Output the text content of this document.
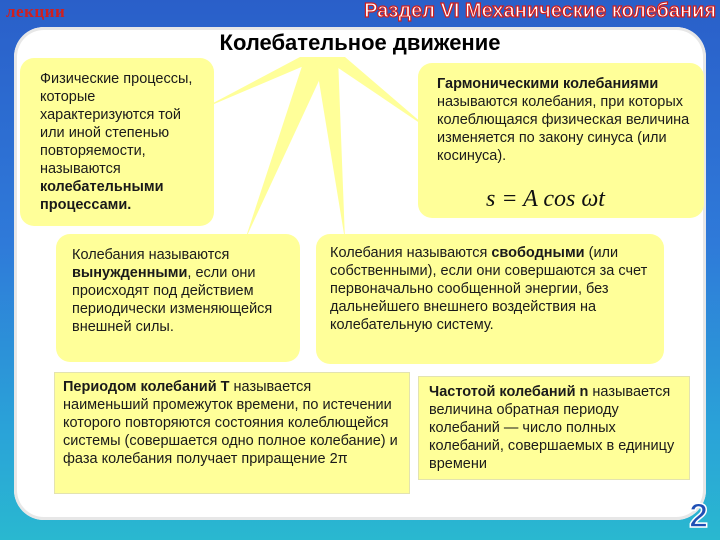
лекции	Раздел VI Механические колебания
Колебательное движение
Физические процессы, которые характеризуются той или иной степенью повторяемости, называются колебательными процессами.
Гармоническими колебаниями называются колебания, при которых колеблющаяся физическая величина изменяется по закону синуса (или косинуса).
s = A cos ωt
Колебания называются вынужденными, если они происходят под действием периодически изменяющейся внешней силы.
Колебания называются свободными (или собственными), если они совершаются за счет первоначально сообщенной энергии, без дальнейшего внешнего воздействия на колебательную систему.
Периодом колебаний T называется наименьший промежуток времени, по истечении которого повторяются состояния колеблющейся системы (совершается одно полное колебание) и фаза колебания получает приращение 2π
Частотой колебаний n называется величина обратная периоду колебаний — число полных колебаний, совершаемых в единицу времени
2
